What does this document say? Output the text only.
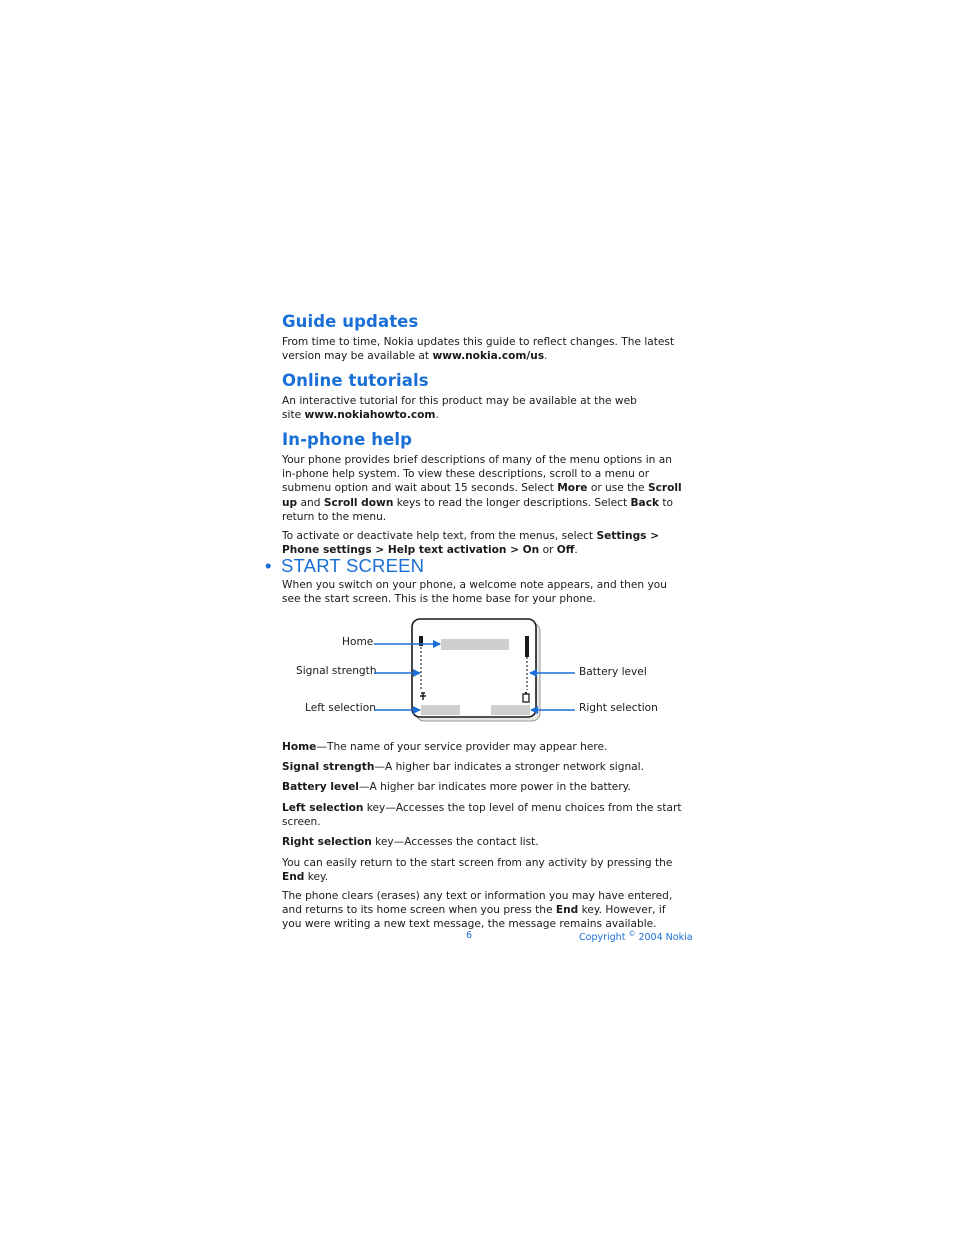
Guide updates

From time to time, Nokia updates this guide to reflect changes. The latest version may be available at www.nokia.com/us.

Online tutorials

An interactive tutorial for this product may be available at the web site www.nokiahowto.com.

In-phone help

Your phone provides brief descriptions of many of the menu options in an in-phone help system. To view these descriptions, scroll to a menu or submenu option and wait about 15 seconds. Select More or use the Scroll up and Scroll down keys to read the longer descriptions. Select Back to return to the menu.

To activate or deactivate help text, from the menus, select Settings > Phone settings > Help text activation > On or Off.

• START SCREEN

When you switch on your phone, a welcome note appears, and then you see the start screen. This is the home base for your phone.

Home
Signal strength
Left selection
Battery level
Right selection

Home—The name of your service provider may appear here.

Signal strength—A higher bar indicates a stronger network signal.

Battery level—A higher bar indicates more power in the battery.

Left selection key—Accesses the top level of menu choices from the start screen.

Right selection key—Accesses the contact list.

You can easily return to the start screen from any activity by pressing the End key.

The phone clears (erases) any text or information you may have entered, and returns to its home screen when you press the End key. However, if you were writing a new text message, the message remains available.

6	Copyright © 2004 Nokia
